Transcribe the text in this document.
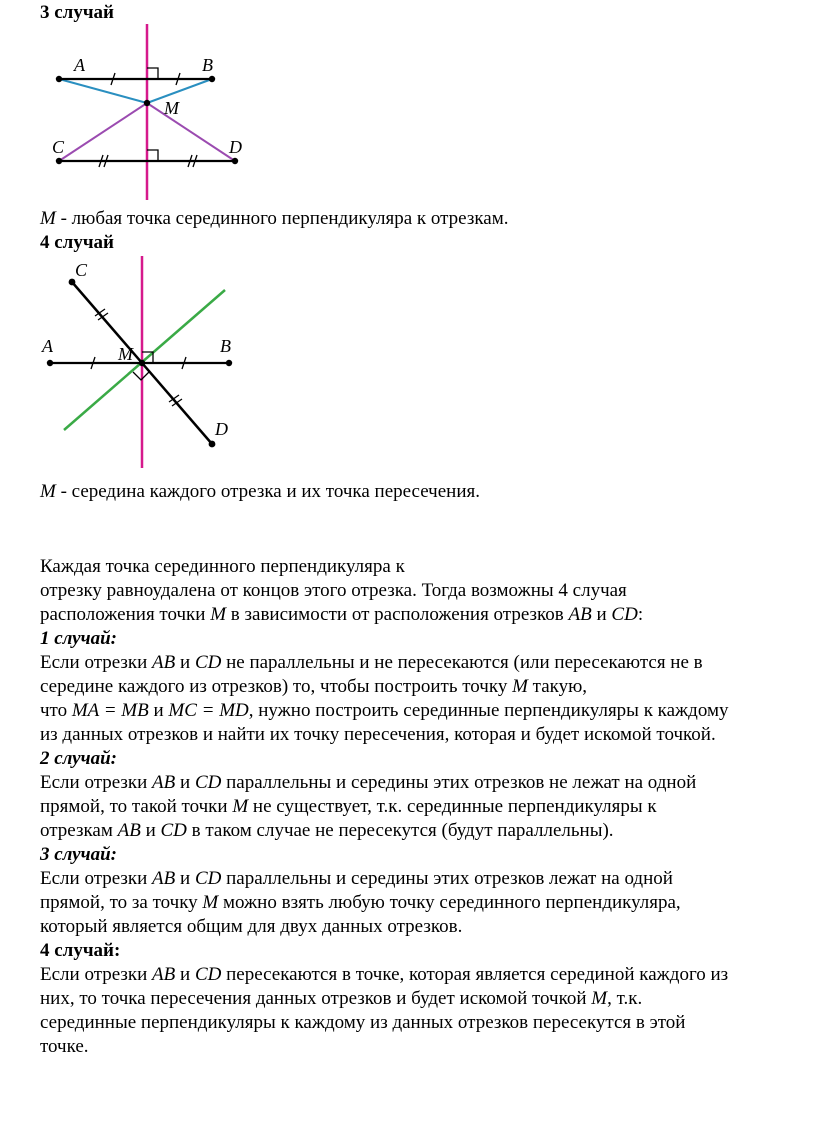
3 случай
A	B
M
C	D
M - любая точка серединного перпендикуляра к отрезкам.
4 случай
C
A	M	B
D
M - середина каждого отрезка и их точка пересечения.
Каждая точка серединного перпендикуляра к
отрезку равноудалена от концов этого отрезка. Тогда возможны 4 случая
расположения точки M в зависимости от расположения отрезков AB и CD:
1 случай:
Если отрезки AB и CD не параллельны и не пересекаются (или пересекаются не в
середине каждого из отрезков) то, чтобы построить точку M такую,
что MA = MB и MC = MD, нужно построить серединные перпендикуляры к каждому
из данных отрезков и найти их точку пересечения, которая и будет искомой точкой.
2 случай:
Если отрезки AB и CD параллельны и середины этих отрезков не лежат на одной
прямой, то такой точки M не существует, т.к. серединные перпендикуляры к
отрезкам AB и CD в таком случае не пересекутся (будут параллельны).
3 случай:
Если отрезки AB и CD параллельны и середины этих отрезков лежат на одной
прямой, то за точку M можно взять любую точку серединного перпендикуляра,
который является общим для двух данных отрезков.
4 случай:
Если отрезки AB и CD пересекаются в точке, которая является серединой каждого из
них, то точка пересечения данных отрезков и будет искомой точкой M, т.к.
серединные перпендикуляры к каждому из данных отрезков пересекутся в этой
точке.
